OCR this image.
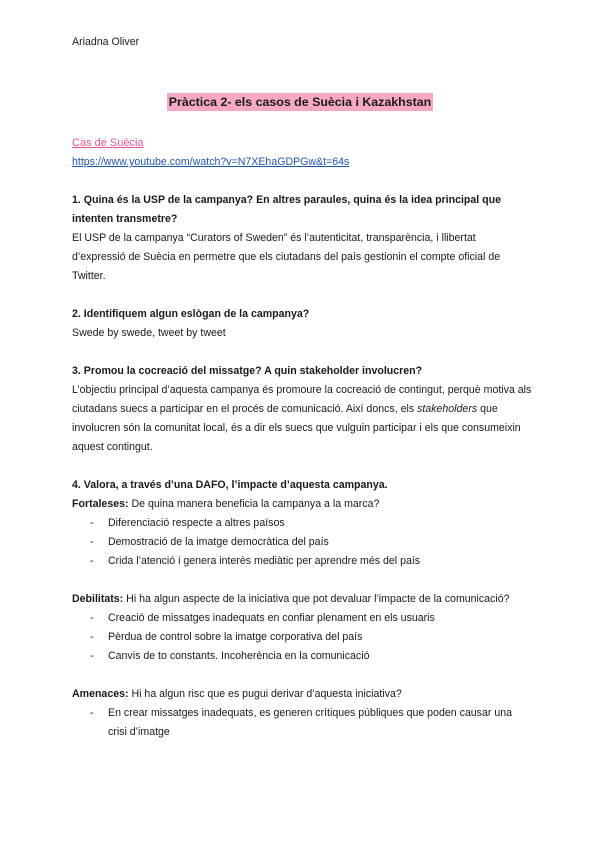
Ariadna Oliver
Pràctica 2- els casos de Suècia i Kazakhstan
Cas de Suècia
https://www.youtube.com/watch?v=N7XEhaGDPGw&t=64s

1. Quina és la USP de la campanya? En altres paraules, quina és la idea principal que intenten transmetre?

El USP de la campanya “Curators of Sweden” és l’autenticitat, transparència, i llibertat d’expressió de Suècia en permetre que els ciutadans del país gestionin el compte oficial de Twitter.

2. Identifiquem algun eslògan de la campanya?

Swede by swede, tweet by tweet

3. Promou la cocreació del missatge? A quin stakeholder involucren?

L’objectiu principal d’aquesta campanya és promoure la cocreació de contingut, perquè motiva als ciutadans suecs a participar en el procés de comunicació. Així doncs, els stakeholders que involucren són la comunitat local, és a dir els suecs que vulguin participar i els que consumeixin aquest contingut.

4. Valora, a través d’una DAFO, l’impacte d’aquesta campanya.

Fortaleses: De quina manera beneficia la campanya a la marca?

- Diferenciació respecte a altres països
- Demostració de la imatge democràtica del país
- Crida l’atenció i genera interès mediàtic per aprendre més del país

Debilitats: Hi ha algun aspecte de la iniciativa que pot devaluar l’impacte de la comunicació?

- Creació de missatges inadequats en confiar plenament en els usuaris
- Pèrdua de control sobre la imatge corporativa del país
- Canvis de to constants. Incoherència en la comunicació

Amenaces: Hi ha algun risc que es pugui derivar d’aquesta iniciativa?

- En crear missatges inadequats, es generen crítiques públiques que poden causar una crisi d’imatge
